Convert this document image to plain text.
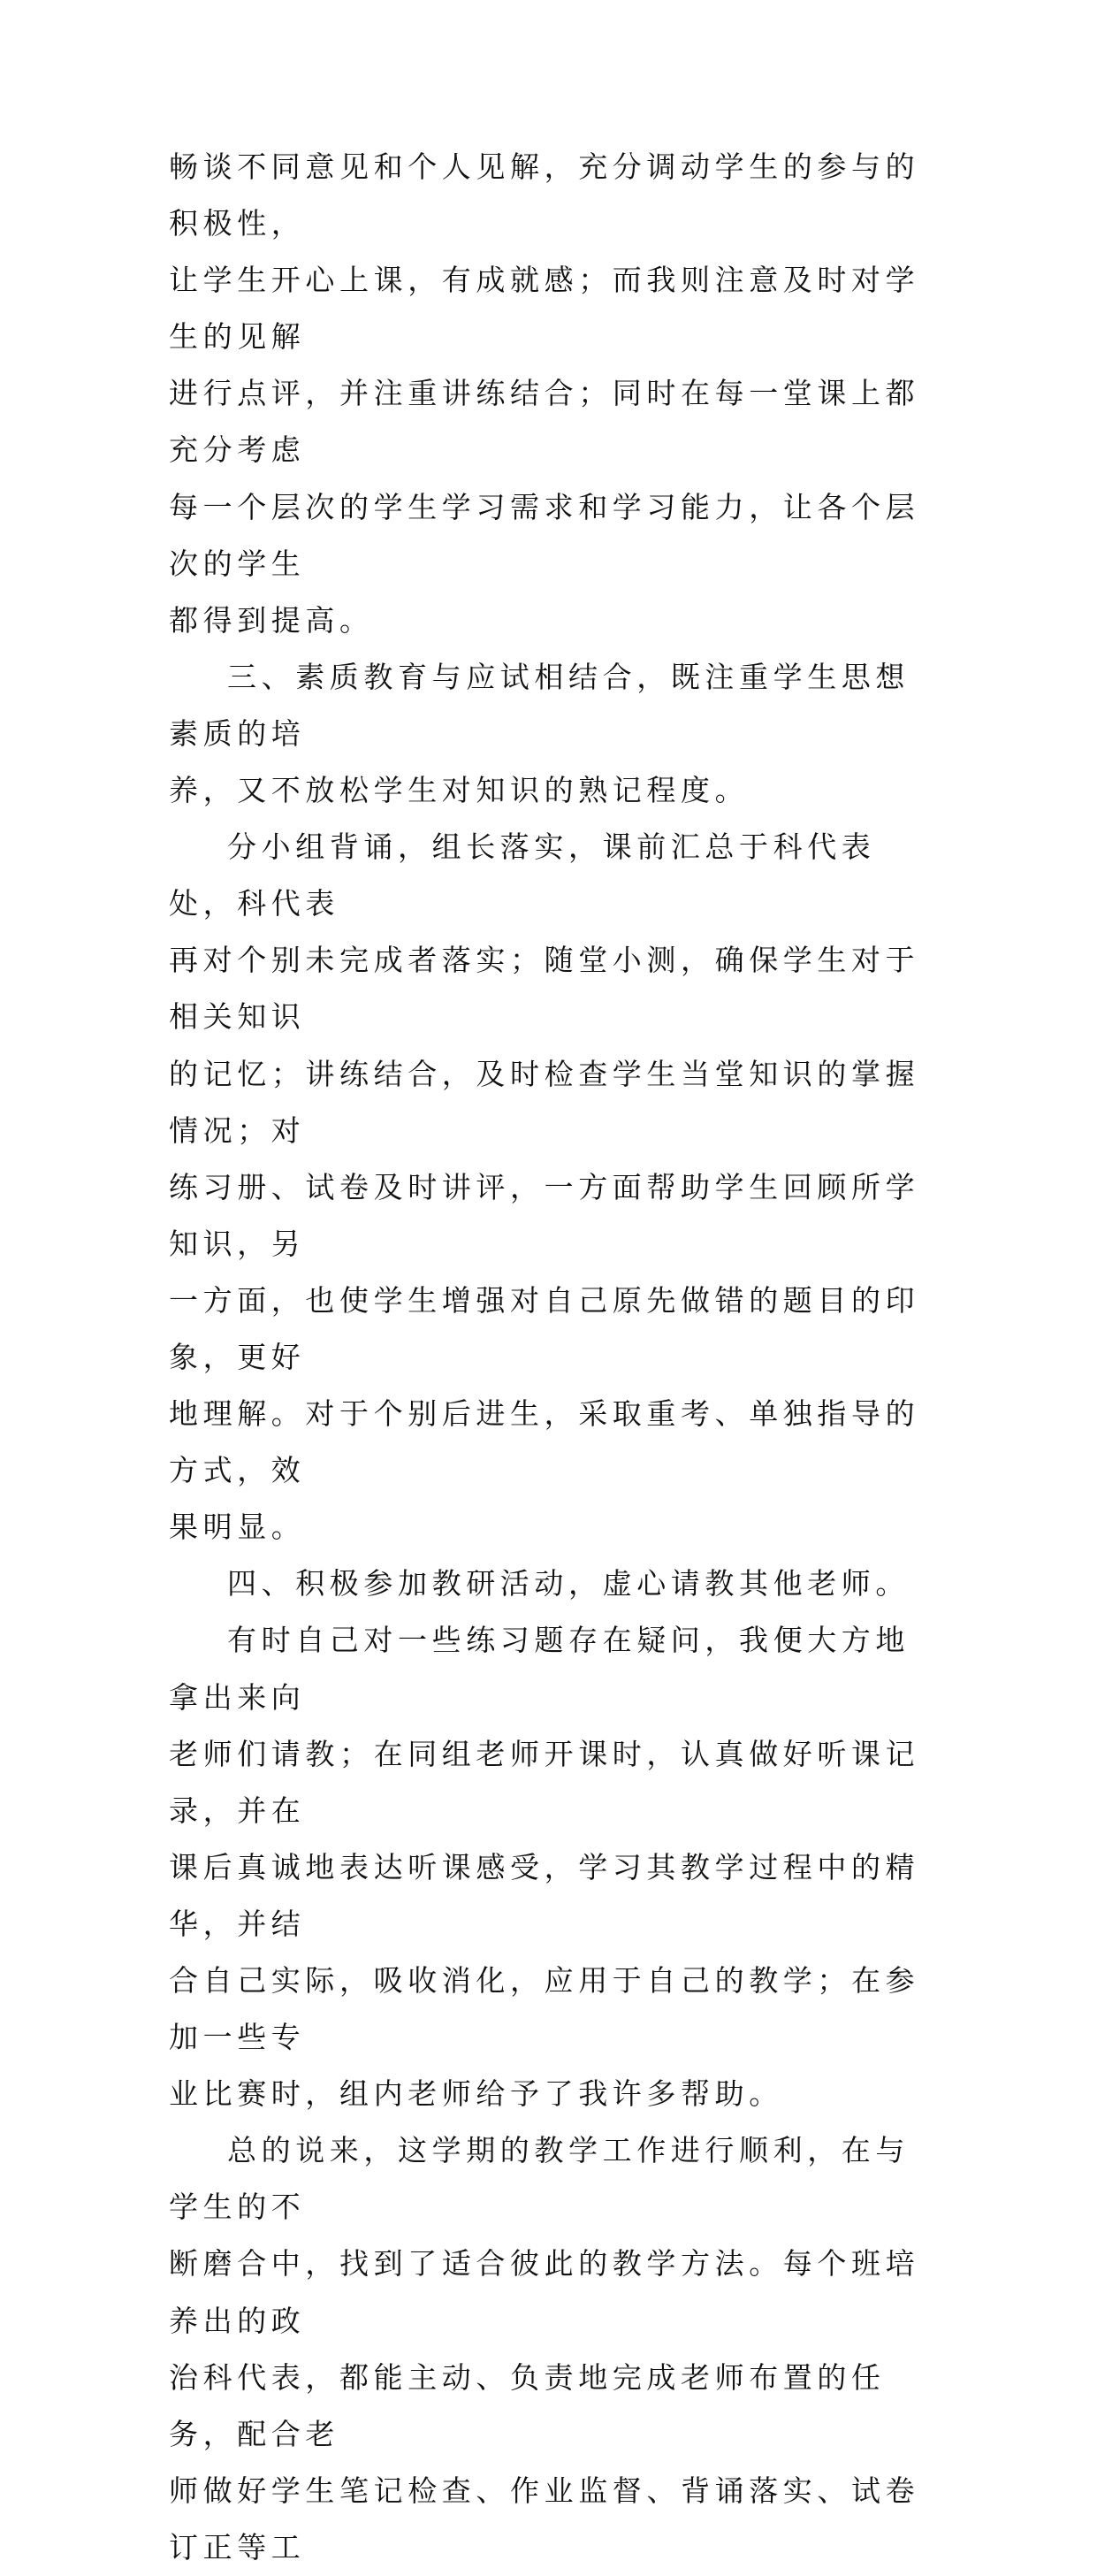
畅谈不同意见和个人见解，充分调动学生的参与的积极性，
让学生开心上课，有成就感；而我则注意及时对学生的见解
进行点评，并注重讲练结合；同时在每一堂课上都充分考虑
每一个层次的学生学习需求和学习能力，让各个层次的学生
都得到提高。
三、素质教育与应试相结合，既注重学生思想素质的培
养，又不放松学生对知识的熟记程度。
分小组背诵，组长落实，课前汇总于科代表处，科代表
再对个别未完成者落实；随堂小测，确保学生对于相关知识
的记忆；讲练结合，及时检查学生当堂知识的掌握情况；对
练习册、试卷及时讲评，一方面帮助学生回顾所学知识，另
一方面，也使学生增强对自己原先做错的题目的印象，更好
地理解。对于个别后进生，采取重考、单独指导的方式，效
果明显。
四、积极参加教研活动，虚心请教其他老师。
有时自己对一些练习题存在疑问，我便大方地拿出来向
老师们请教；在同组老师开课时，认真做好听课记录，并在
课后真诚地表达听课感受，学习其教学过程中的精华，并结
合自己实际，吸收消化，应用于自己的教学；在参加一些专
业比赛时，组内老师给予了我许多帮助。
总的说来，这学期的教学工作进行顺利，在与学生的不
断磨合中，找到了适合彼此的教学方法。每个班培养出的政
治科代表，都能主动、负责地完成老师布置的任务，配合老
师做好学生笔记检查、作业监督、背诵落实、试卷订正等工
